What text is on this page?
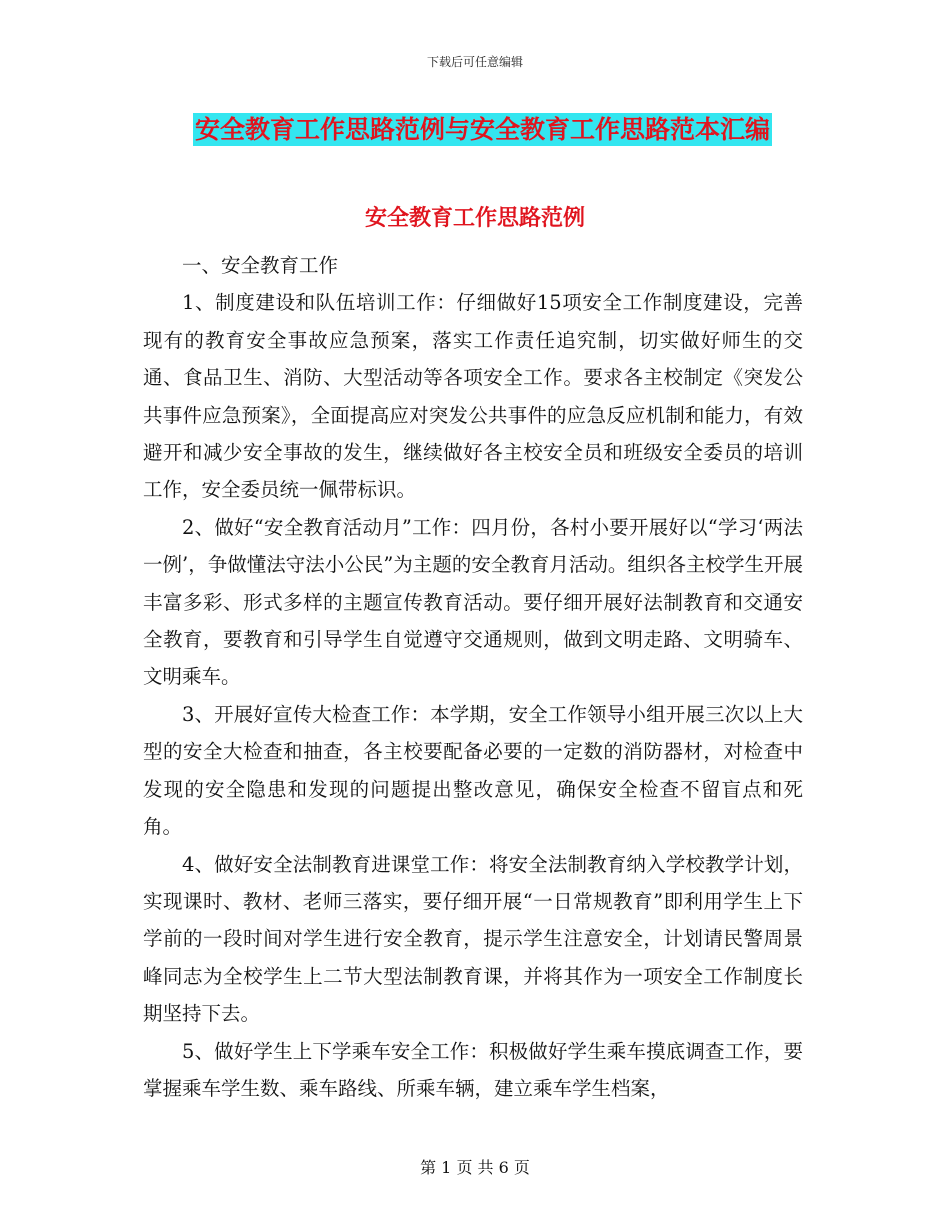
下载后可任意编辑
安全教育工作思路范例与安全教育工作思路范本汇编
安全教育工作思路范例

一、安全教育工作

1、制度建设和队伍培训工作：仔细做好15项安全工作制度建设，完善现有的教育安全事故应急预案，落实工作责任追究制，切实做好师生的交通、食品卫生、消防、大型活动等各项安全工作。要求各主校制定《突发公共事件应急预案》，全面提高应对突发公共事件的应急反应机制和能力，有效避开和减少安全事故的发生，继续做好各主校安全员和班级安全委员的培训工作，安全委员统一佩带标识。

2、做好“安全教育活动月”工作：四月份，各村小要开展好以“学习‘两法一例’，争做懂法守法小公民”为主题的安全教育月活动。组织各主校学生开展丰富多彩、形式多样的主题宣传教育活动。要仔细开展好法制教育和交通安全教育，要教育和引导学生自觉遵守交通规则，做到文明走路、文明骑车、文明乘车。

3、开展好宣传大检查工作：本学期，安全工作领导小组开展三次以上大型的安全大检查和抽查，各主校要配备必要的一定数的消防器材，对检查中发现的安全隐患和发现的问题提出整改意见，确保安全检查不留盲点和死角。

4、做好安全法制教育进课堂工作：将安全法制教育纳入学校教学计划，实现课时、教材、老师三落实，要仔细开展“一日常规教育”即利用学生上下学前的一段时间对学生进行安全教育，提示学生注意安全，计划请民警周景峰同志为全校学生上二节大型法制教育课，并将其作为一项安全工作制度长期坚持下去。

5、做好学生上下学乘车安全工作：积极做好学生乘车摸底调查工作，要掌握乘车学生数、乘车路线、所乘车辆，建立乘车学生档案，

第 1 页 共 6 页
